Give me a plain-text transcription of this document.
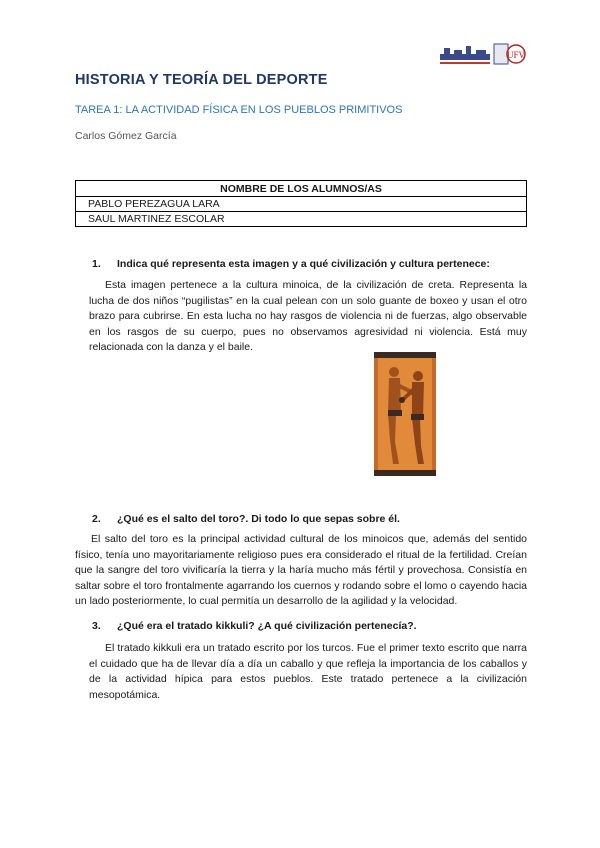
UFV
HISTORIA Y TEORÍA DEL DEPORTE

TAREA 1: LA ACTIVIDAD FÍSICA EN LOS PUEBLOS PRIMITIVOS

Carlos Gómez García

NOMBRE DE LOS ALUMNOS/AS
PABLO PEREZAGUA LARA
SAUL MARTINEZ ESCOLAR

1. Indica qué representa esta imagen y a qué civilización y cultura pertenece:

Esta imagen pertenece a la cultura minoica, de la civilización de creta. Representa la lucha de dos niños “pugilistas” en la cual pelean con un solo guante de boxeo y usan el otro brazo para cubrirse. En esta lucha no hay rasgos de violencia ni de fuerzas, algo observable en los rasgos de su cuerpo, pues no observamos agresividad ni violencia. Está muy relacionada con la danza y el baile.

2. ¿Qué es el salto del toro?. Di todo lo que sepas sobre él.

El salto del toro es la principal actividad cultural de los minoicos que, además del sentido físico, tenía uno mayoritariamente religioso pues era considerado el ritual de la fertilidad. Creían que la sangre del toro vivificaría la tierra y la haría mucho más fértil y provechosa. Consistía en saltar sobre el toro frontalmente agarrando los cuernos y rodando sobre el lomo o cayendo hacia un lado posteriormente, lo cual permitía un desarrollo de la agilidad y la velocidad.

3. ¿Qué era el tratado kikkuli? ¿A qué civilización pertenecía?.

El tratado kikkuli era un tratado escrito por los turcos. Fue el primer texto escrito que narra el cuidado que ha de llevar día a día un caballo y que refleja la importancia de los caballos y de la actividad hípica para estos pueblos. Este tratado pertenece a la civilización mesopotámica.
